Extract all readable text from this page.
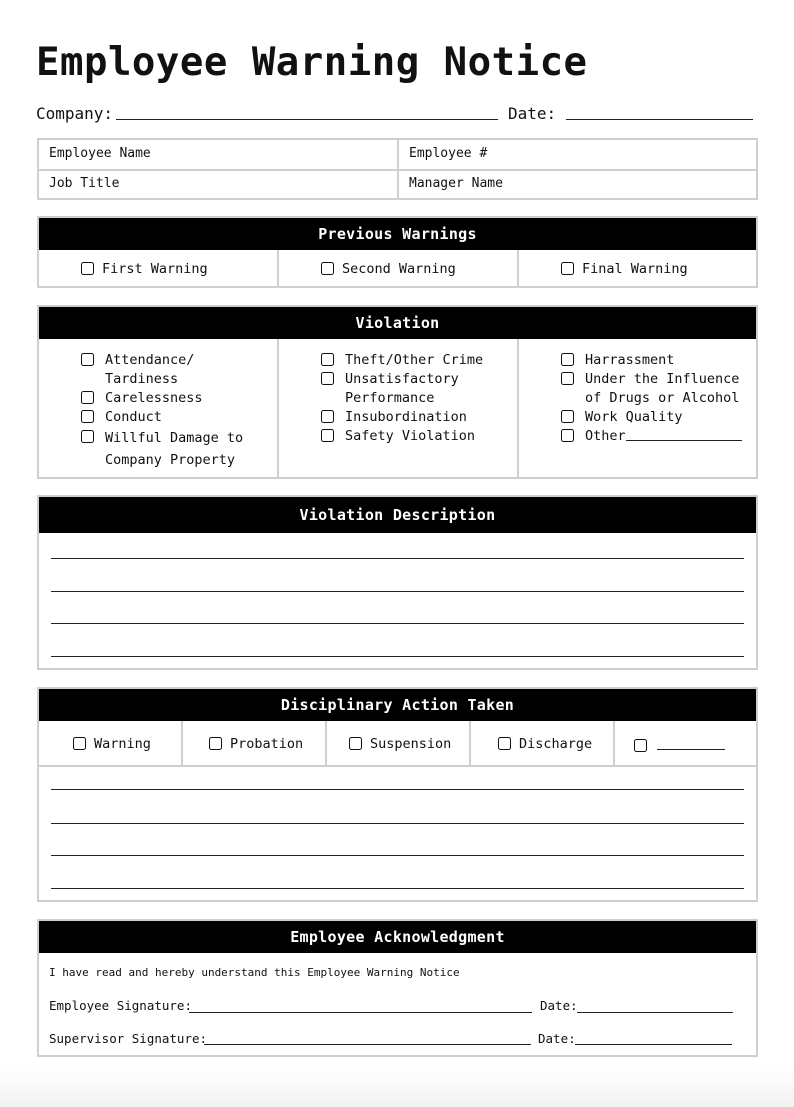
Employee Warning Notice
Company:	Date:
Employee Name	Employee #
Job Title	Manager Name
Previous Warnings
First Warning	Second Warning	Final Warning
Violation
Attendance/
Tardiness
Carelessness
Conduct
Willful Damage to
Company Property
Theft/Other Crime
Unsatisfactory
Performance
Insubordination
Safety Violation
Harrassment
Under the Influence
of Drugs or Alcohol
Work Quality
Other
Violation Description
Disciplinary Action Taken
Warning	Probation	Suspension	Discharge
Employee Acknowledgment
I have read and hereby understand this Employee Warning Notice
Employee Signature:	Date:
Supervisor Signature:	Date:
